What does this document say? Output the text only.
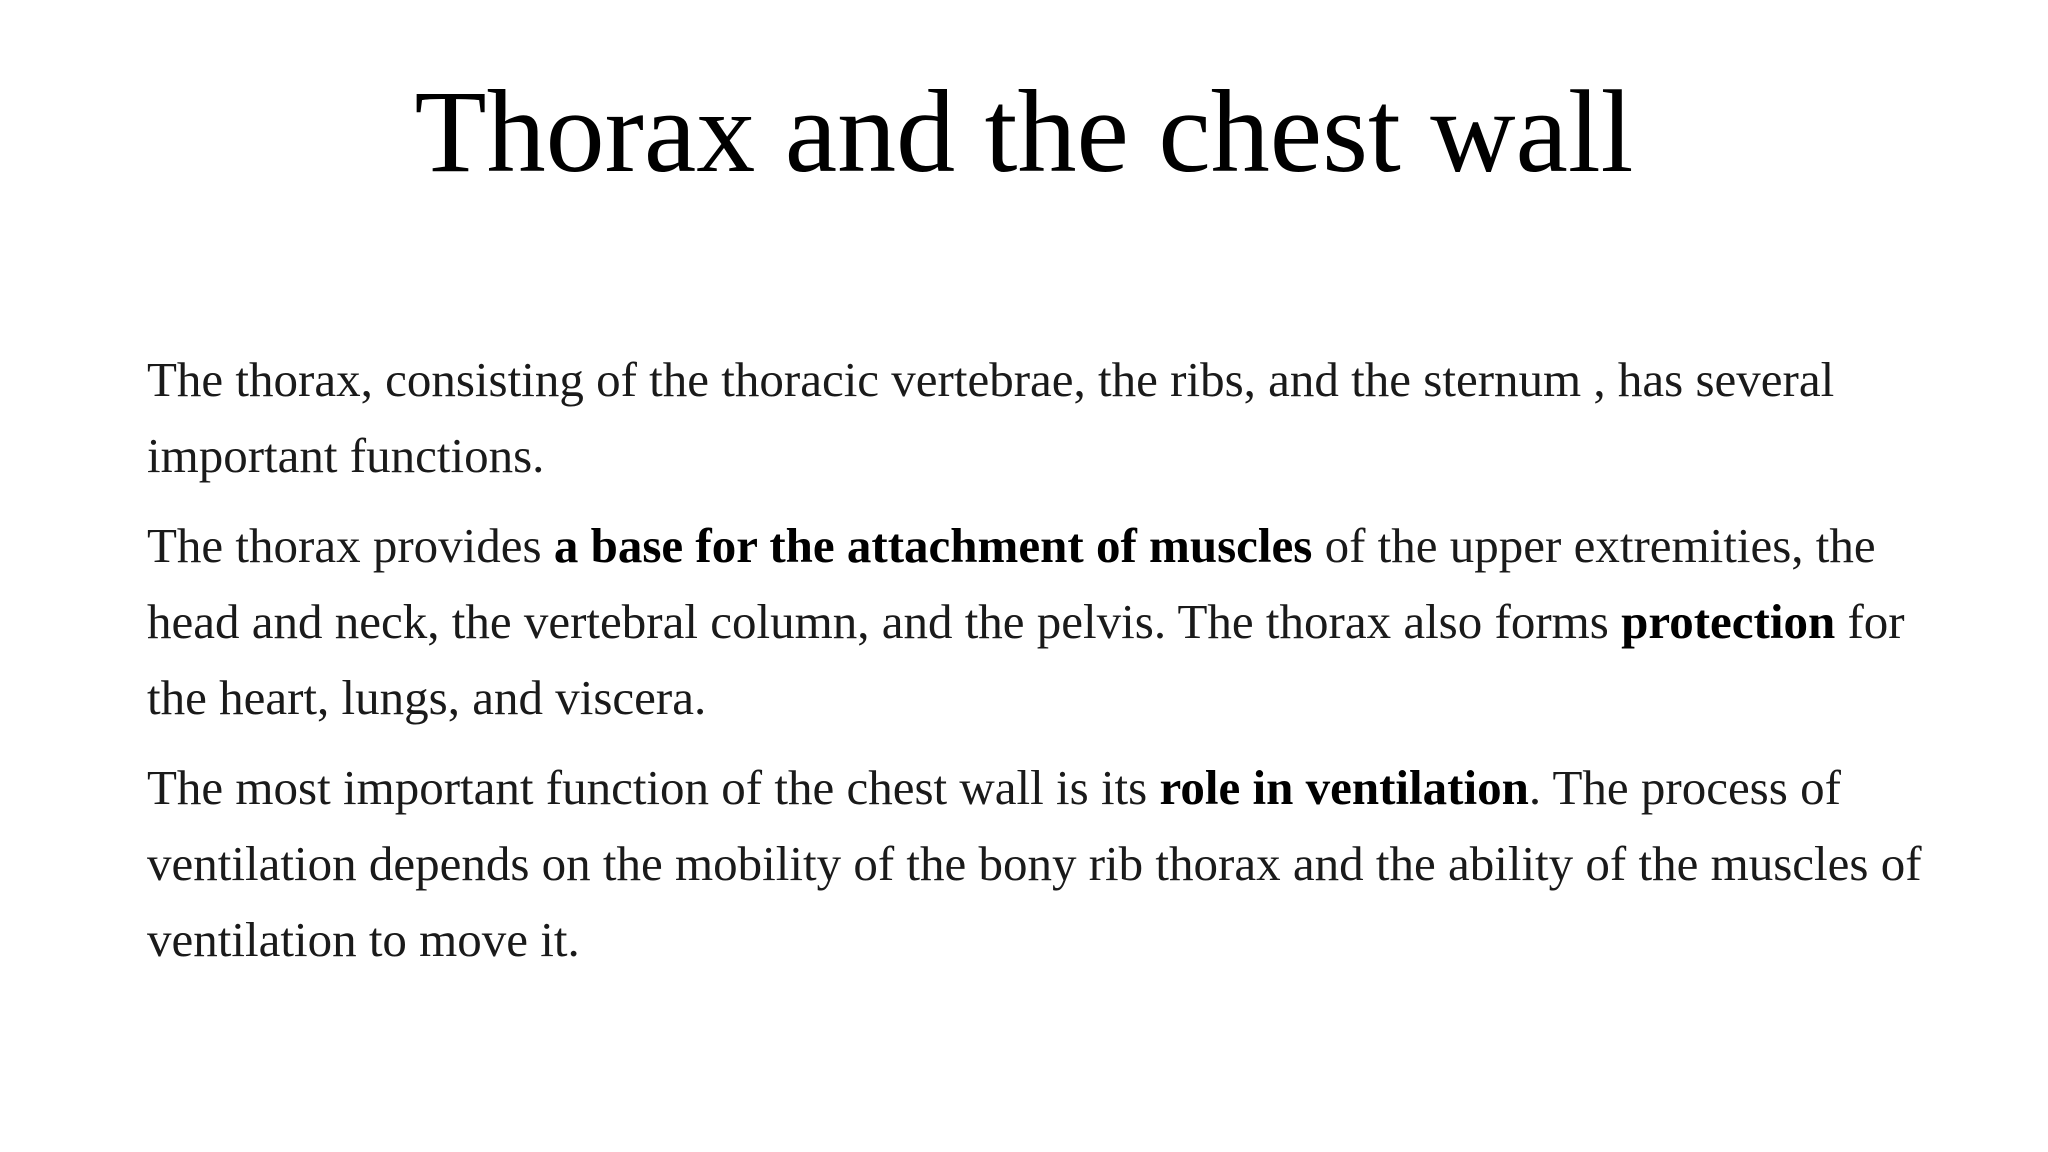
Thorax and the chest wall

The thorax, consisting of the thoracic vertebrae, the ribs, and the sternum , has several important functions.

The thorax provides a base for the attachment of muscles of the upper extremities, the head and neck, the vertebral column, and the pelvis. The thorax also forms protection for the heart, lungs, and viscera.

The most important function of the chest wall is its role in ventilation. The process of ventilation depends on the mobility of the bony rib thorax and the ability of the muscles of ventilation to move it.
